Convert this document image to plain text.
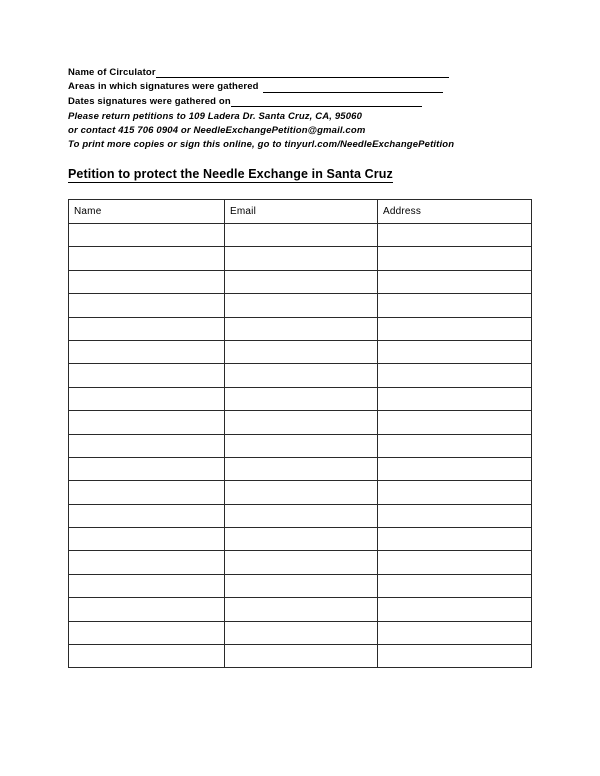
Name of Circulator
Areas in which signatures were gathered
Dates signatures were gathered on
Please return petitions to 109 Ladera Dr. Santa Cruz, CA, 95060
or contact 415 706 0904 or NeedleExchangePetition@gmail.com
To print more copies or sign this online, go to tinyurl.com/NeedleExchangePetition
Petition to protect the Needle Exchange in Santa Cruz
Name	Email	Address
